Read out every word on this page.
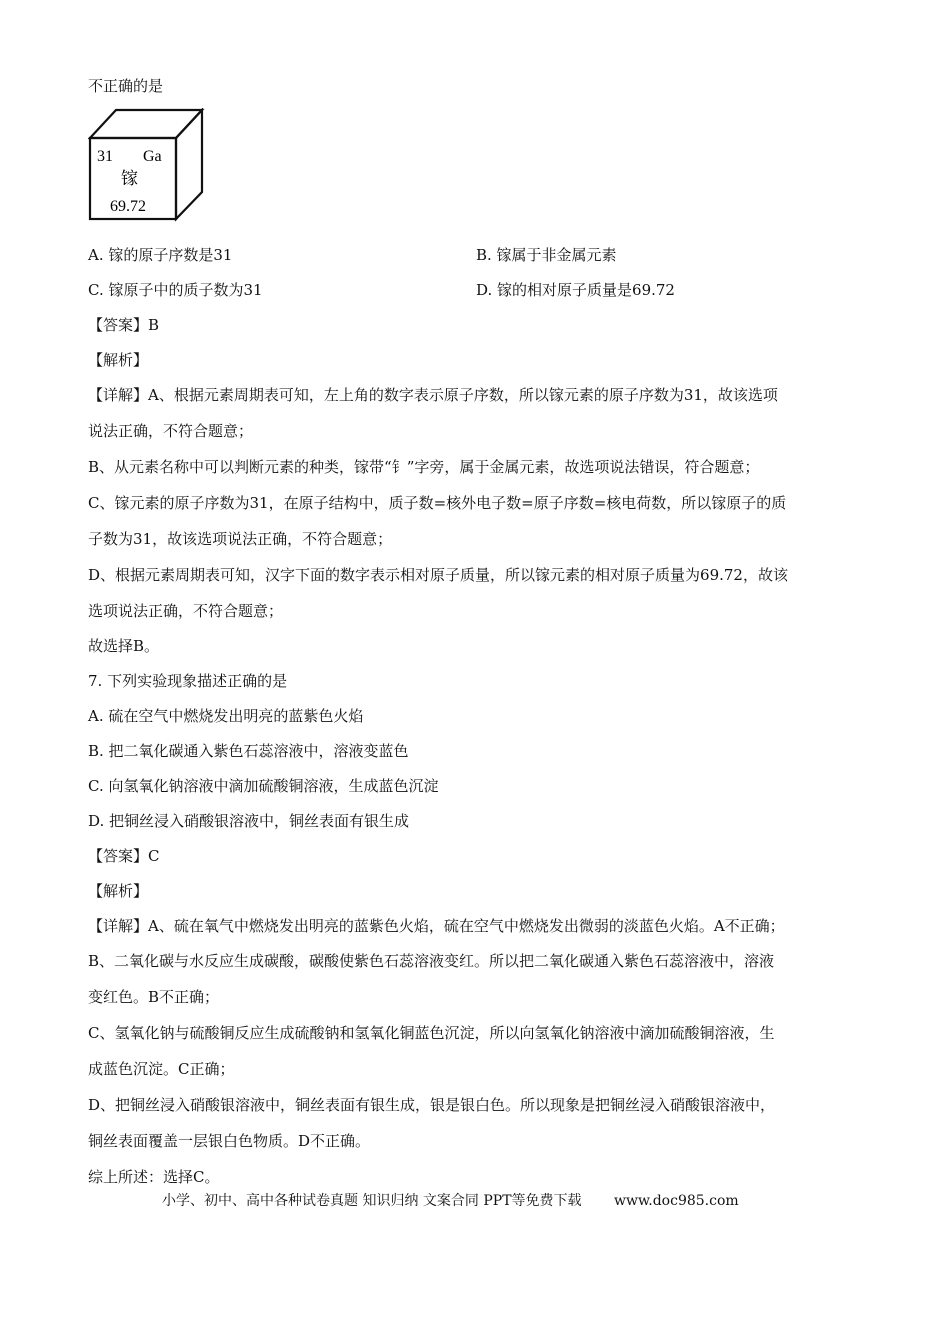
不正确的是
31 Ga
镓
69.72
A. 镓的原子序数是31	B. 镓属于非金属元素
C. 镓原子中的质子数为31	D. 镓的相对原子质量是69.72
【答案】B
【解析】
【详解】A、根据元素周期表可知，左上角的数字表示原子序数，所以镓元素的原子序数为31，故该选项
说法正确，不符合题意；
B、从元素名称中可以判断元素的种类，镓带“钅”字旁，属于金属元素，故选项说法错误，符合题意；
C、镓元素的原子序数为31，在原子结构中，质子数=核外电子数=原子序数=核电荷数，所以镓原子的质
子数为31，故该选项说法正确，不符合题意；
D、根据元素周期表可知，汉字下面的数字表示相对原子质量，所以镓元素的相对原子质量为69.72，故该
选项说法正确，不符合题意；
故选择B。
7. 下列实验现象描述正确的是
A. 硫在空气中燃烧发出明亮的蓝紫色火焰
B. 把二氧化碳通入紫色石蕊溶液中，溶液变蓝色
C. 向氢氧化钠溶液中滴加硫酸铜溶液，生成蓝色沉淀
D. 把铜丝浸入硝酸银溶液中，铜丝表面有银生成
【答案】C
【解析】
【详解】A、硫在氧气中燃烧发出明亮的蓝紫色火焰，硫在空气中燃烧发出微弱的淡蓝色火焰。A不正确；
B、二氧化碳与水反应生成碳酸，碳酸使紫色石蕊溶液变红。所以把二氧化碳通入紫色石蕊溶液中，溶液
变红色。B不正确；
C、氢氧化钠与硫酸铜反应生成硫酸钠和氢氧化铜蓝色沉淀，所以向氢氧化钠溶液中滴加硫酸铜溶液，生
成蓝色沉淀。C正确；
D、把铜丝浸入硝酸银溶液中，铜丝表面有银生成，银是银白色。所以现象是把铜丝浸入硝酸银溶液中，
铜丝表面覆盖一层银白色物质。D不正确。
综上所述：选择C。
小学、初中、高中各种试卷真题 知识归纳 文案合同 PPT等免费下载 www.doc985.com
